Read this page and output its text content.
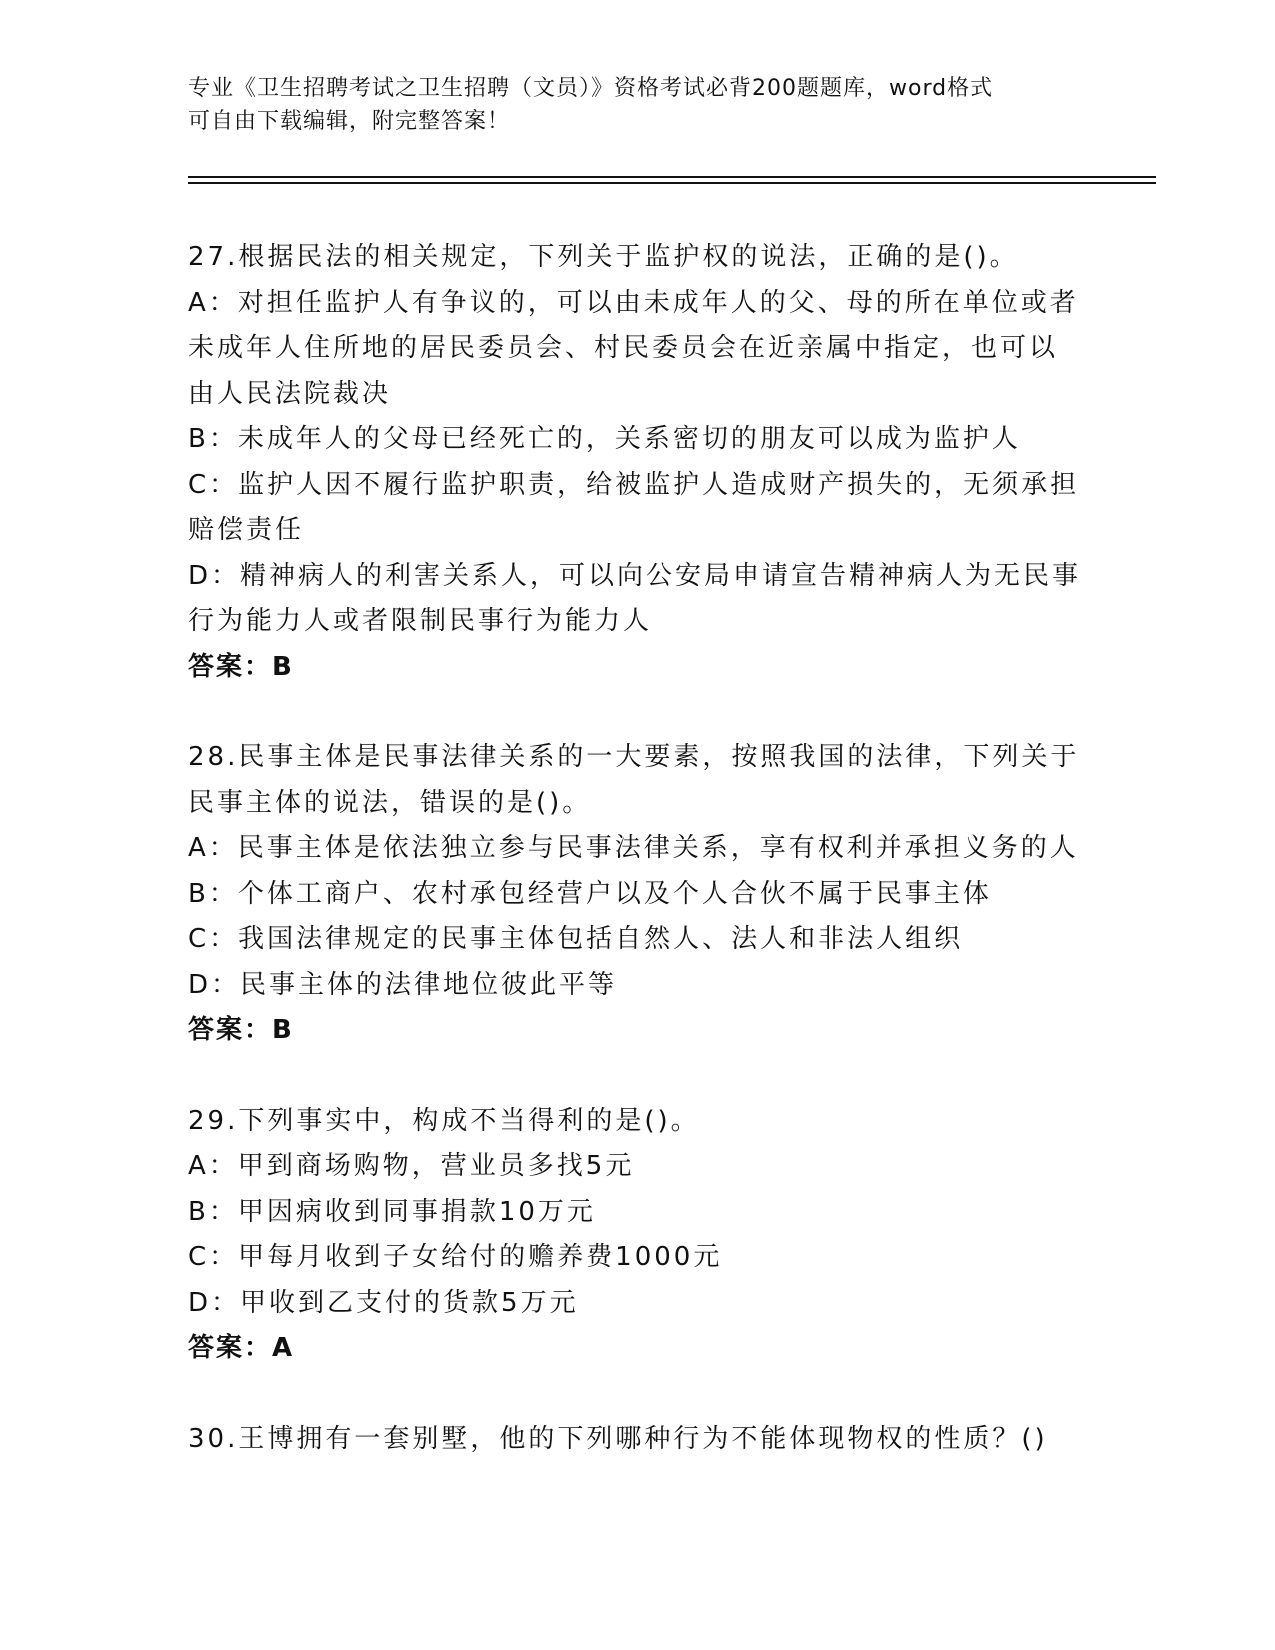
专业《卫生招聘考试之卫生招聘（文员）》资格考试必背200题题库，word格式
可自由下载编辑，附完整答案！
27.根据民法的相关规定，下列关于监护权的说法，正确的是()。
A：对担任监护人有争议的，可以由未成年人的父、母的所在单位或者
未成年人住所地的居民委员会、村民委员会在近亲属中指定，也可以
由人民法院裁决
B：未成年人的父母已经死亡的，关系密切的朋友可以成为监护人
C：监护人因不履行监护职责，给被监护人造成财产损失的，无须承担
赔偿责任
D：精神病人的利害关系人，可以向公安局申请宣告精神病人为无民事
行为能力人或者限制民事行为能力人
答案：B
28.民事主体是民事法律关系的一大要素，按照我国的法律，下列关于
民事主体的说法，错误的是()。
A：民事主体是依法独立参与民事法律关系，享有权利并承担义务的人
B：个体工商户、农村承包经营户以及个人合伙不属于民事主体
C：我国法律规定的民事主体包括自然人、法人和非法人组织
D：民事主体的法律地位彼此平等
答案：B
29.下列事实中，构成不当得利的是()。
A：甲到商场购物，营业员多找5元
B：甲因病收到同事捐款10万元
C：甲每月收到子女给付的赡养费1000元
D：甲收到乙支付的货款5万元
答案：A
30.王博拥有一套别墅，他的下列哪种行为不能体现物权的性质？()
